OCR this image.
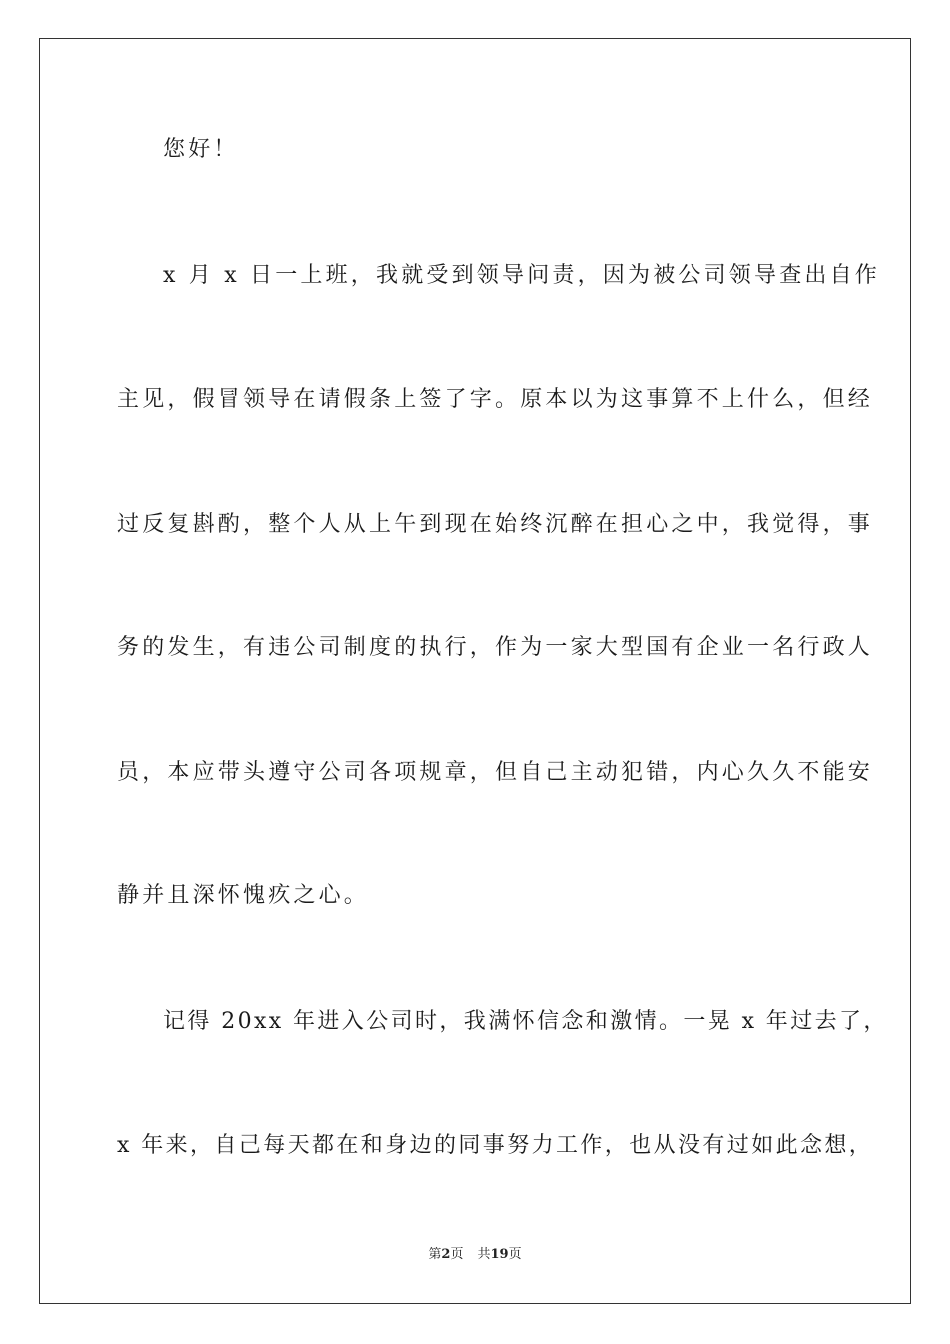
您好！
x 月 x 日一上班，我就受到领导问责，因为被公司领导查出自作
主见，假冒领导在请假条上签了字。原本以为这事算不上什么，但经
过反复斟酌，整个人从上午到现在始终沉醉在担心之中，我觉得，事
务的发生，有违公司制度的执行，作为一家大型国有企业一名行政人
员，本应带头遵守公司各项规章，但自己主动犯错，内心久久不能安
静并且深怀愧疚之心。
记得 20xx 年进入公司时，我满怀信念和激情。一晃 x 年过去了，
x 年来，自己每天都在和身边的同事努力工作，也从没有过如此念想，
第2页 共19页
